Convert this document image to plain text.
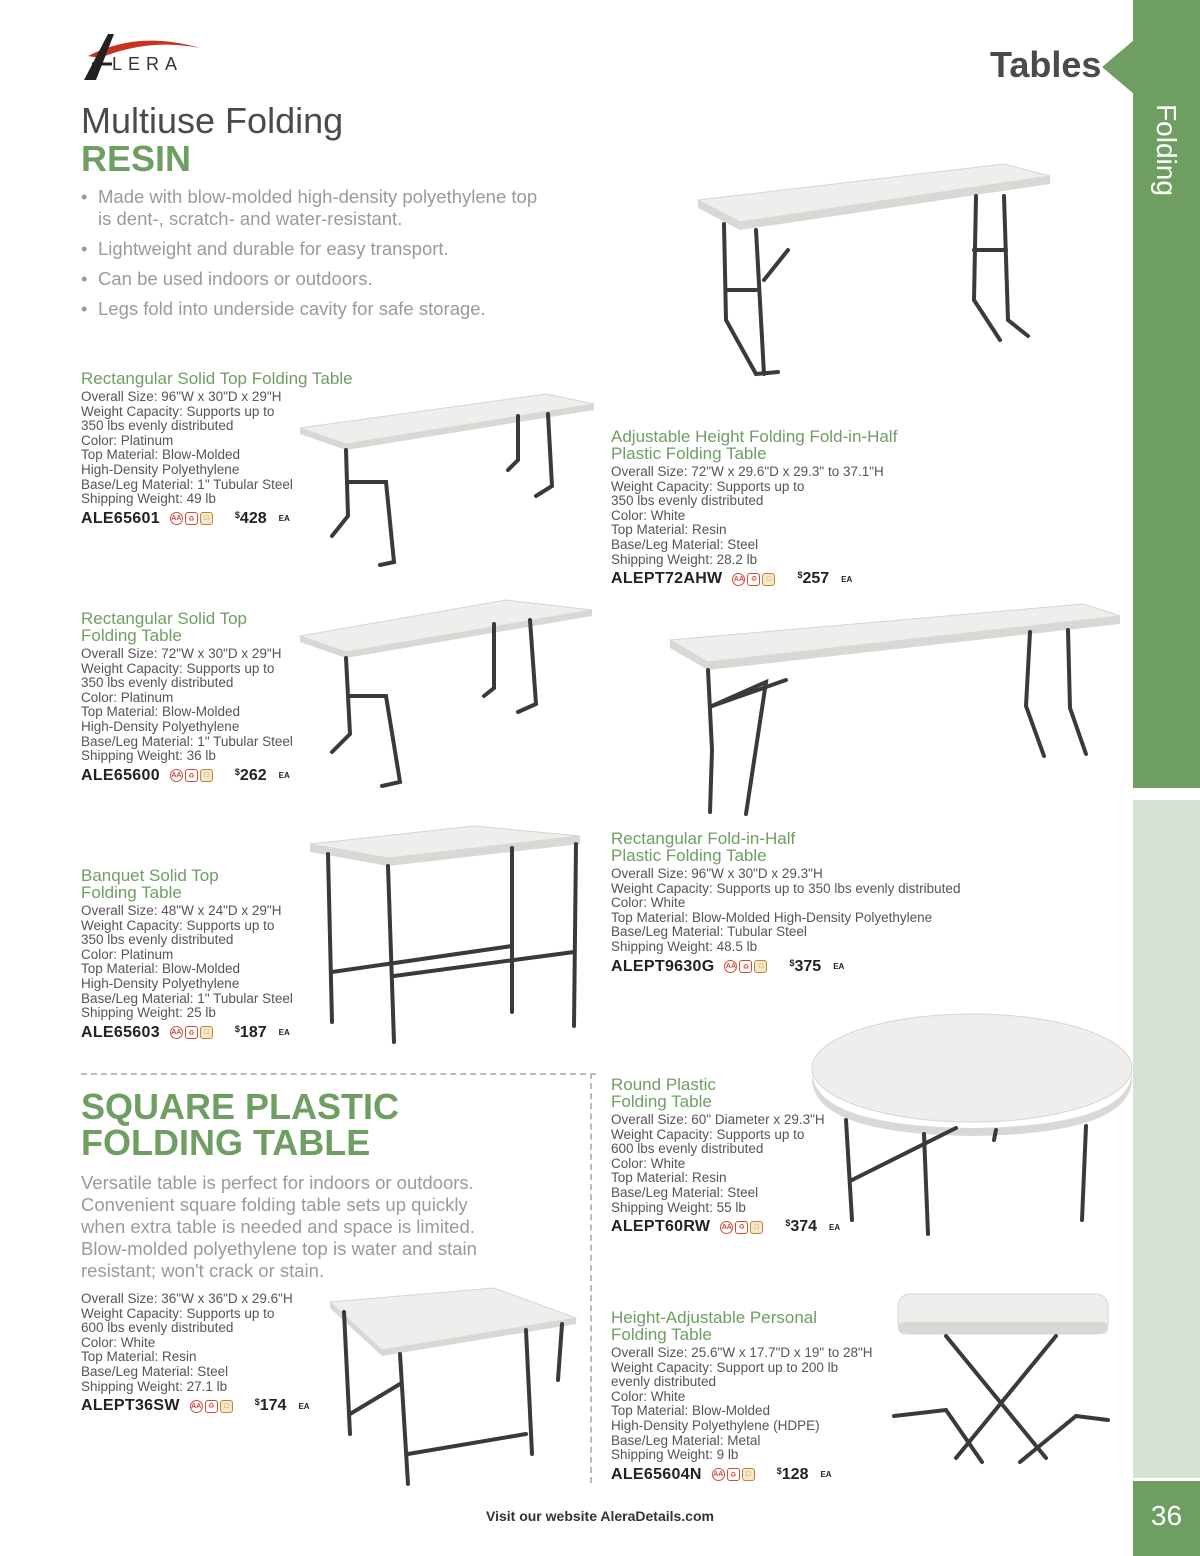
Tables
Folding
36
LERA
Multiuse Folding
RESIN
• Made with blow-molded high-density polyethylene top is dent-, scratch- and water-resistant.
• Lightweight and durable for easy transport.
• Can be used indoors or outdoors.
• Legs fold into underside cavity for safe storage.
Rectangular Solid Top Folding Table
Overall Size: 96"W x 30"D x 29"H
Weight Capacity: Supports up to
350 lbs evenly distributed
Color: Platinum
Top Material: Blow-Molded
High-Density Polyethylene
Base/Leg Material: 1" Tubular Steel
Shipping Weight: 49 lb
ALE65601 AA ♻	□	$428 EA
Rectangular Solid Top
Folding Table
Overall Size: 72"W x 30"D x 29"H
Weight Capacity: Supports up to
350 lbs evenly distributed
Color: Platinum
Top Material: Blow-Molded
High-Density Polyethylene
Base/Leg Material: 1" Tubular Steel
Shipping Weight: 36 lb
ALE65600 AA ♻	□	$262 EA
Banquet Solid Top
Folding Table
Overall Size: 48"W x 24"D x 29"H
Weight Capacity: Supports up to
350 lbs evenly distributed
Color: Platinum
Top Material: Blow-Molded
High-Density Polyethylene
Base/Leg Material: 1" Tubular Steel
Shipping Weight: 25 lb
ALE65603 AA ♻	□	$187 EA
Adjustable Height Folding Fold-in-Half
Plastic Folding Table
Overall Size: 72"W x 29.6"D x 29.3" to 37.1"H
Weight Capacity: Supports up to
350 lbs evenly distributed
Color: White
Top Material: Resin
Base/Leg Material: Steel
Shipping Weight: 28.2 lb
ALEPT72AHW AA ♻	□	$257 EA
Rectangular Fold-in-Half
Plastic Folding Table
Overall Size: 96"W x 30"D x 29.3"H
Weight Capacity: Supports up to 350 lbs evenly distributed
Color: White
Top Material: Blow-Molded High-Density Polyethylene
Base/Leg Material: Tubular Steel
Shipping Weight: 48.5 lb
ALEPT9630G AA ♻	□	$375 EA
Round Plastic
Folding Table
Overall Size: 60" Diameter x 29.3"H
Weight Capacity: Supports up to
600 lbs evenly distributed
Color: White
Top Material: Resin
Base/Leg Material: Steel
Shipping Weight: 55 lb
ALEPT60RW AA ♻	□	$374 EA
Overall Size: 36"W x 36"D x 29.6"H
Weight Capacity: Supports up to
600 lbs evenly distributed
Color: White
Top Material: Resin
Base/Leg Material: Steel
Shipping Weight: 27.1 lb
ALEPT36SW AA ♻	□	$174 EA
Height-Adjustable Personal
Folding Table
Overall Size: 25.6"W x 17.7"D x 19" to 28"H
Weight Capacity: Support up to 200 lb
evenly distributed
Color: White
Top Material: Blow-Molded
High-Density Polyethylene (HDPE)
Base/Leg Material: Metal
Shipping Weight: 9 lb
ALE65604N AA ♻	□	$128 EA
SQUARE PLASTIC
FOLDING TABLE
Versatile table is perfect for indoors or outdoors. Convenient square folding table sets up quickly when extra table is needed and space is limited. Blow-molded polyethylene top is water and stain resistant; won't crack or stain.
Visit our website AleraDetails.com
